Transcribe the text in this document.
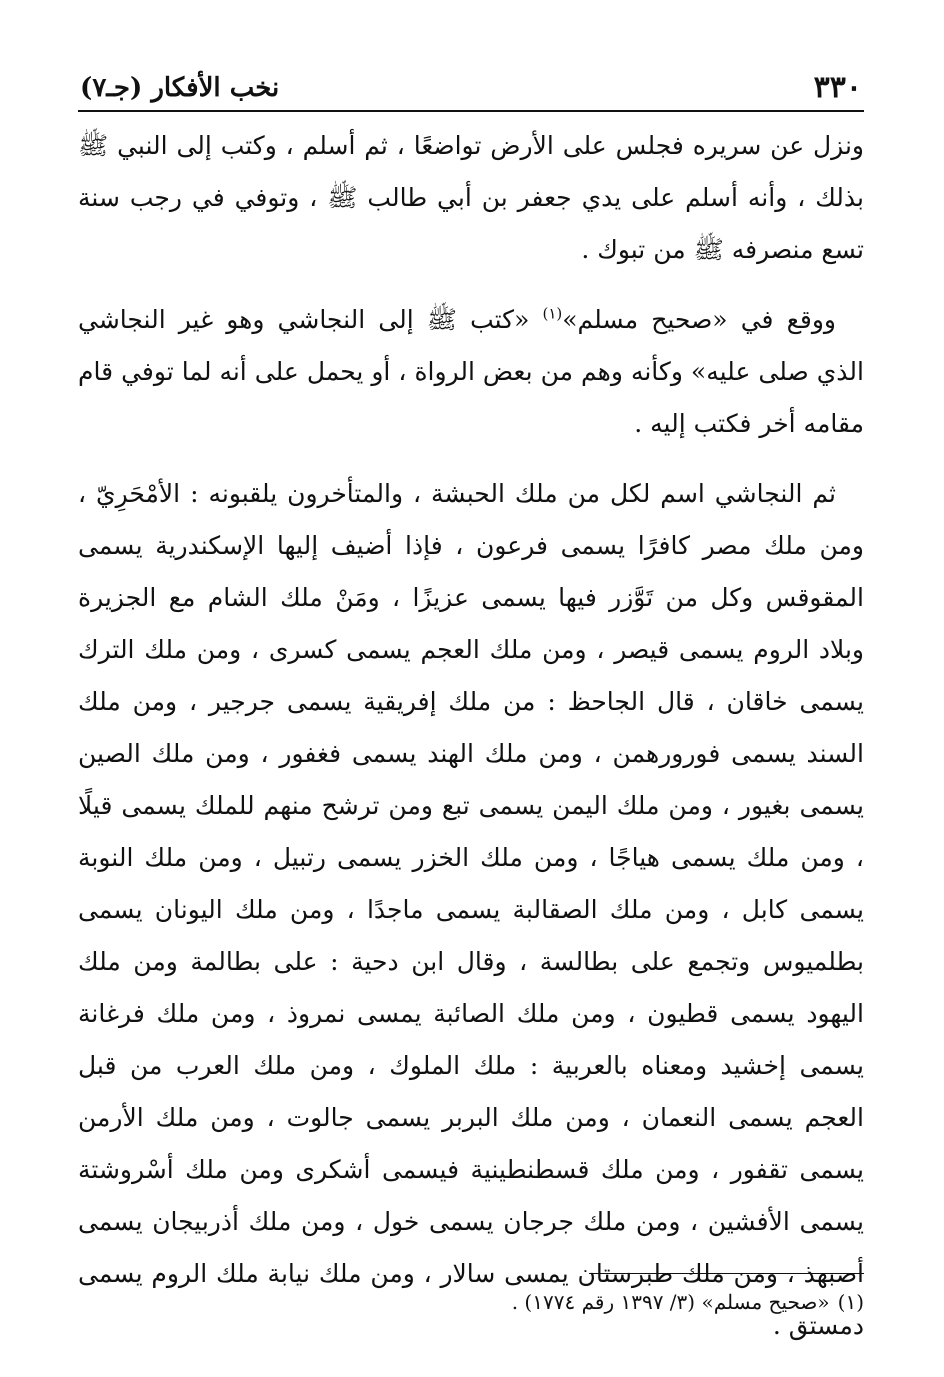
٣٣٠
نخب الأفكار (جـ٧)

ونزل عن سريره فجلس على الأرض تواضعًا ، ثم أسلم ، وكتب إلى النبي ﷺ بذلك ، وأنه أسلم على يدي جعفر بن أبي طالب ﷺ ، وتوفي في رجب سنة تسع منصرفه ﷺ من تبوك .

ووقع في «صحيح مسلم»$^{(١)}$ «كتب ﷺ إلى النجاشي وهو غير النجاشي الذي صلى عليه» وكأنه وهم من بعض الرواة ، أو يحمل على أنه لما توفي قام مقامه أخر فكتب إليه .

ثم النجاشي اسم لكل من ملك الحبشة ، والمتأخرون يلقبونه : الأمْحَرِيّ ، ومن ملك مصر كافرًا يسمى فرعون ، فإذا أضيف إليها الإسكندرية يسمى المقوقس وكل من تَوَّزر فيها يسمى عزيزًا ، ومَنْ ملك الشام مع الجزيرة وبلاد الروم يسمى قيصر ، ومن ملك العجم يسمى كسرى ، ومن ملك الترك يسمى خاقان ، قال الجاحظ : من ملك إفريقية يسمى جرجير ، ومن ملك السند يسمى فورورهمن ، ومن ملك الهند يسمى فغفور ، ومن ملك الصين يسمى بغيور ، ومن ملك اليمن يسمى تبع ومن ترشح منهم للملك يسمى قيلًا ، ومن ملك يسمى هياجًا ، ومن ملك الخزر يسمى رتبيل ، ومن ملك النوبة يسمى كابل ، ومن ملك الصقالبة يسمى ماجدًا ، ومن ملك اليونان يسمى بطلميوس وتجمع على بطالسة ، وقال ابن دحية : على بطالمة ومن ملك اليهود يسمى قطيون ، ومن ملك الصائبة يمسى نمروذ ، ومن ملك فرغانة يسمى إخشيد ومعناه بالعربية : ملك الملوك ، ومن ملك العرب من قبل العجم يسمى النعمان ، ومن ملك البربر يسمى جالوت ، ومن ملك الأرمن يسمى تقفور ، ومن ملك قسطنطينية فيسمى أشكرى ومن ملك أسْروشتة يسمى الأفشين ، ومن ملك جرجان يسمى خول ، ومن ملك أذربيجان يسمى أصبهذ ، ومن ملك طبرستان يمسى سالار ، ومن ملك نيابة ملك الروم يسمى دمستق .

(١)«صحيح مسلم» (٣/ ١٣٩٧ رقم ١٧٧٤) .
